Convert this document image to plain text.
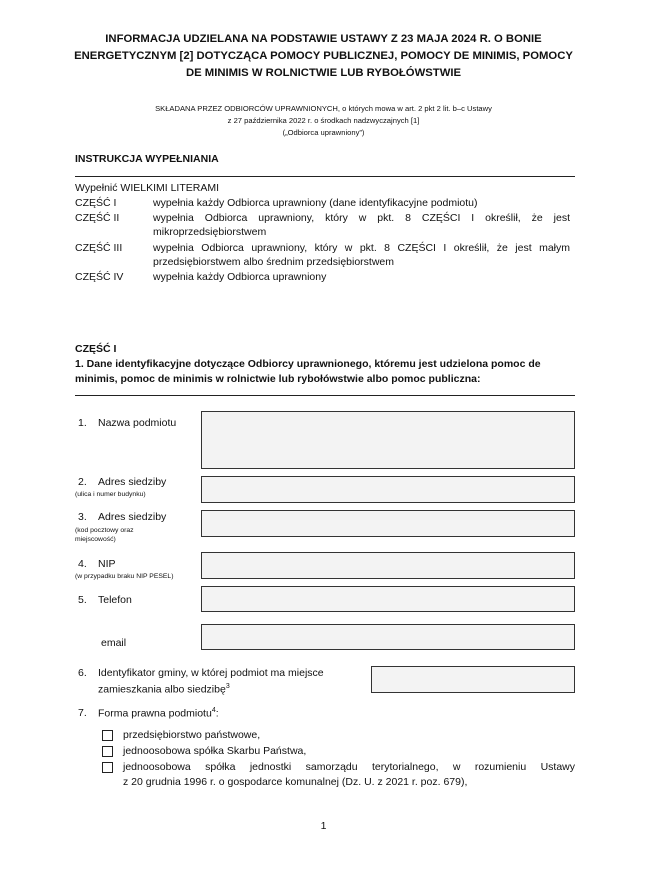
INFORMACJA UDZIELANA NA PODSTAWIE USTAWY Z 23 MAJA 2024 R. O BONIE
ENERGETYCZNYM [2] DOTYCZĄCA POMOCY PUBLICZNEJ, POMOCY DE MINIMIS, POMOCY
DE MINIMIS W ROLNICTWIE LUB RYBOŁÓWSTWIE
SKŁADANA PRZEZ ODBIORCÓW UPRAWNIONYCH, o których mowa w art. 2 pkt 2 lit. b–c Ustawy
z 27 października 2022 r. o środkach nadzwyczajnych [1]
(„Odbiorca uprawniony”)
INSTRUKCJA WYPEŁNIANIA
Wypełnić WIELKIMI LITERAMI
CZĘŚĆ I	wypełnia każdy Odbiorca uprawniony (dane identyfikacyjne podmiotu)
CZĘŚĆ II	wypełnia Odbiorca uprawniony, który w pkt. 8 CZĘŚCI I określił, że jest mikroprzedsiębiorstwem
CZĘŚĆ III	wypełnia Odbiorca uprawniony, który w pkt. 8 CZĘŚCI I określił, że jest małym przedsiębiorstwem albo średnim przedsiębiorstwem
CZĘŚĆ IV	wypełnia każdy Odbiorca uprawniony
CZĘŚĆ I
1. Dane identyfikacyjne dotyczące Odbiorcy uprawnionego, któremu jest udzielona pomoc de minimis, pomoc de minimis w rolnictwie lub rybołówstwie albo pomoc publiczna:
1.	Nazwa podmiotu
2.	Adres siedziby
(ulica i numer budynku)
3.	Adres siedziby
(kod pocztowy oraz miejscowość)
4.	NIP
(w przypadku braku NIP PESEL)
5.	Telefon
email
6.	Identyfikator gminy, w której podmiot ma miejsce
zamieszkania albo siedzibę$^3$
7.	Forma prawna podmiotu$^4$:
przedsiębiorstwo państwowe,
jednoosobowa spółka Skarbu Państwa,
jednoosobowa spółka jednostki samorządu terytorialnego, w rozumieniu Ustawy
z 20 grudnia 1996 r. o gospodarce komunalnej (Dz. U. z 2021 r. poz. 679),
1
